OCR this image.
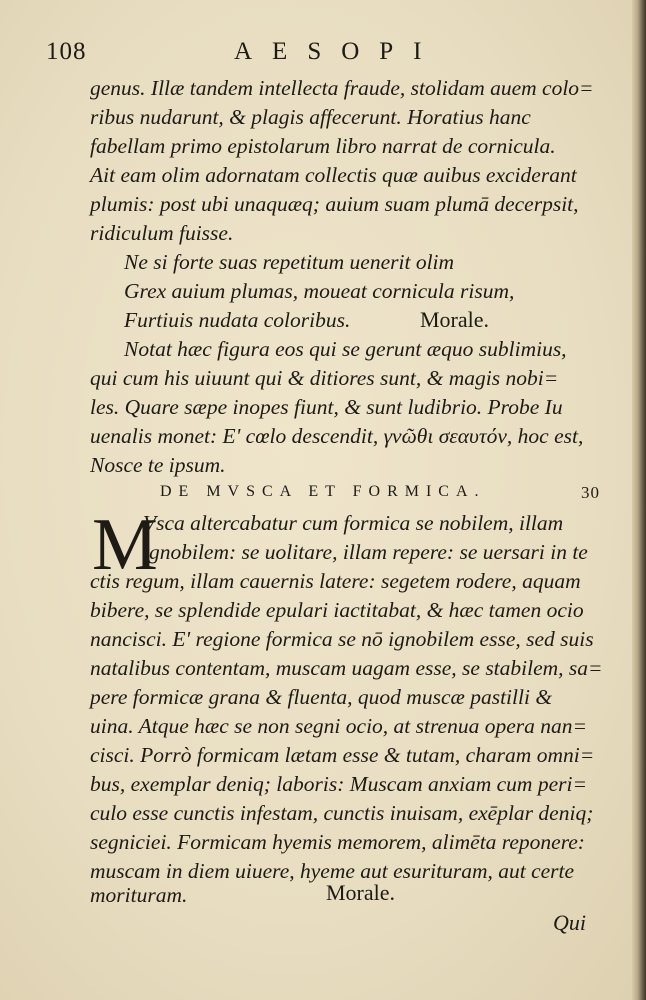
108	AESOPI
genus. Illæ tandem intellecta fraude, stolidam auem colo=
ribus nudarunt, & plagis affecerunt. Horatius hanc
fabellam primo epistolarum libro narrat de cornicula.
Ait eam olim adornatam collectis quæ auibus exciderant
plumis: post ubi unaquæq; auium suam plumā decerpsit,
ridiculum fuisse.
Ne si forte suas repetitum uenerit olim
Grex auium plumas, moueat cornicula risum,
Furtiuis nudata coloribus.	Morale.
Notat hæc figura eos qui se gerunt æquo sublimius,
qui cum his uiuunt qui & ditiores sunt, & magis nobi=
les. Quare sæpe inopes fiunt, & sunt ludibrio. Probe Iu
uenalis monet: E' cœlo descendit, γνῶθι σεαυτόν, hoc est,
Nosce te ipsum.
DE MVSCA ET FORMICA.	30
M
Vsca altercabatur cum formica se nobilem, illam
ignobilem: se uolitare, illam repere: se uersari in te
ctis regum, illam cauernis latere: segetem rodere, aquam
bibere, se splendide epulari iactitabat, & hæc tamen ocio
nancisci. E' regione formica se nō ignobilem esse, sed suis
natalibus contentam, muscam uagam esse, se stabilem, sa=
pere formicæ grana & fluenta, quod muscæ pastilli &
uina. Atque hæc se non segni ocio, at strenua opera nan=
cisci. Porrò formicam lætam esse & tutam, charam omni=
bus, exemplar deniq; laboris: Muscam anxiam cum peri=
culo esse cunctis infestam, cunctis inuisam, exēplar deniq;
segniciei. Formicam hyemis memorem, alimēta reponere:
muscam in diem uiuere, hyeme aut esurituram, aut certe
morituram.	Morale.
Qui
